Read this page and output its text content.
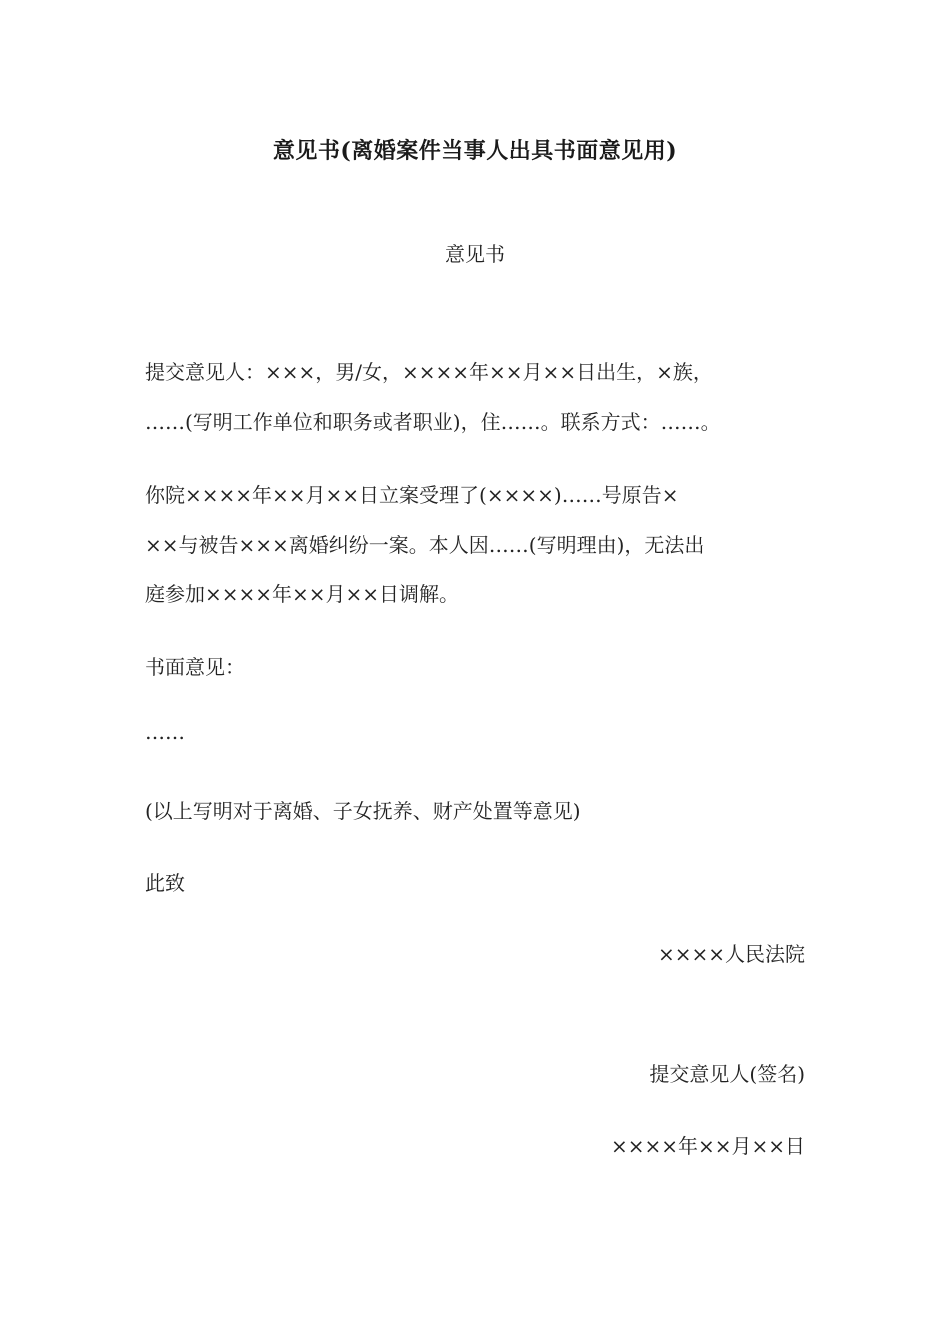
意见书(离婚案件当事人出具书面意见用)
意见书
提交意见人：×××，男/女，××××年××月××日出生，×族，
……(写明工作单位和职务或者职业)，住……。联系方式：……。
你院××××年××月××日立案受理了(××××)……号原告×
××与被告×××离婚纠纷一案。本人因……(写明理由)，无法出
庭参加××××年××月××日调解。
书面意见：
……
(以上写明对于离婚、子女抚养、财产处置等意见)
此致
××××人民法院
提交意见人(签名)
××××年××月××日
